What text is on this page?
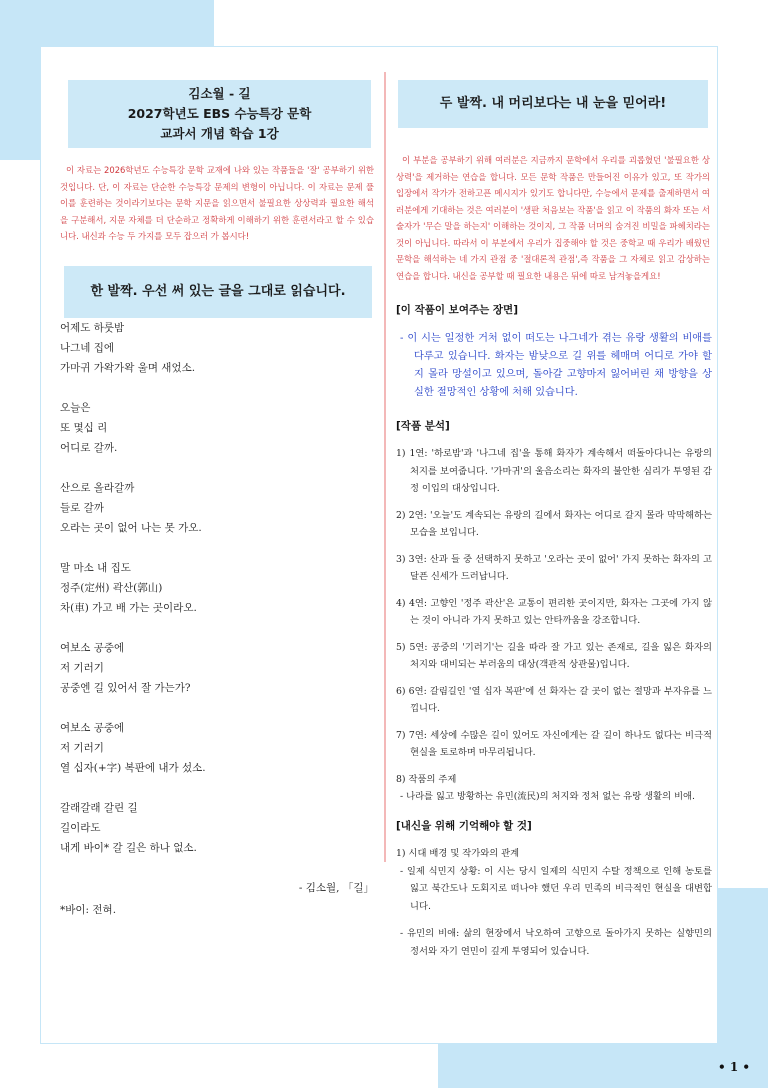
김소월 - 길
2027학년도 EBS 수능특강 문학
교과서 개념 학습 1강
이 자료는 2026학년도 수능특강 문학 교재에 나와 있는 작품들을 '잘' 공부하기 위한 것입니다. 단, 이 자료는 단순한 수능특강 문제의 변형이 아닙니다. 이 자료는 문제 풀이를 훈련하는 것이라기보다는 문학 지문을 읽으면서 불필요한 상상력과 필요한 해석을 구분해서, 지문 자체를 더 단순하고 정확하게 이해하기 위한 훈련서라고 할 수 있습니다. 내신과 수능 두 가지를 모두 잡으러 가 봅시다!
한 발짝. 우선 써 있는 글을 그대로 읽습니다.
어제도 하룻밤
나그네 집에
가마귀 가왁가왁 울며 새었소.
오늘은
또 몇십 리
어디로 갈까.
산으로 올라갈까
들로 갈까
오라는 곳이 없어 나는 못 가오.
말 마소 내 집도
정주(定州) 곽산(郭山)
차(車) 가고 배 가는 곳이라오.
여보소 공중에
저 기러기
공중엔 길 있어서 잘 가는가?
여보소 공중에
저 기러기
열 십자(+字) 복판에 내가 섰소.
갈래갈래 갈린 길
길이라도
내게 바이* 갈 길은 하나 없소.
- 김소월, 「길」
*바이: 전혀.
두 발짝. 내 머리보다는 내 눈을 믿어라!
이 부분을 공부하기 위해 여러분은 지금까지 문학에서 우리를 괴롭혔던 '불필요한 상상력'을 제거하는 연습을 합니다. 모든 문학 작품은 만들어진 이유가 있고, 또 작가의 입장에서 작가가 전하고픈 메시지가 있기도 합니다만, 수능에서 문제를 출제하면서 여러분에게 기대하는 것은 여러분이 '생판 처음보는 작품'을 읽고 이 작품의 화자 또는 서술자가 '무슨 말을 하는지' 이해하는 것이지, 그 작품 너머의 숨겨진 비밀을 파헤치라는 것이 아닙니다. 따라서 이 부분에서 우리가 집중해야 할 것은 중학교 때 우리가 배웠던 문학을 해석하는 네 가지 관점 중 '절대론적 관점',즉 작품을 그 자체로 읽고 감상하는 연습을 합니다. 내신을 공부할 때 필요한 내용은 뒤에 따로 남겨놓을게요!
[이 작품이 보여주는 장면]
- 이 시는 일정한 거처 없이 떠도는 나그네가 겪는 유랑 생활의 비애를 다루고 있습니다. 화자는 밤낮으로 길 위를 헤매며 어디로 가야 할지 몰라 망설이고 있으며, 돌아갈 고향마저 잃어버린 채 방향을 상실한 절망적인 상황에 처해 있습니다.
[작품 분석]
1) 1연: '하로밤'과 '나그네 집'을 통해 화자가 계속해서 떠돌아다니는 유랑의 처지를 보여줍니다. '가마귀'의 울음소리는 화자의 불안한 심리가 투영된 감정 이입의 대상입니다.
2) 2연: '오늘'도 계속되는 유랑의 길에서 화자는 어디로 갈지 몰라 막막해하는 모습을 보입니다.
3) 3연: 산과 들 중 선택하지 못하고 '오라는 곳이 없어' 가지 못하는 화자의 고달픈 신세가 드러납니다.
4) 4연: 고향인 '정주 곽산'은 교통이 편리한 곳이지만, 화자는 그곳에 가지 않는 것이 아니라 가지 못하고 있는 안타까움을 강조합니다.
5) 5연: 공중의 '기러기'는 길을 따라 잘 가고 있는 존재로, 길을 잃은 화자의 처지와 대비되는 부러움의 대상(객관적 상관물)입니다.
6) 6연: 갈림길인 '열 십자 복판'에 선 화자는 갈 곳이 없는 절망과 부자유를 느낍니다.
7) 7연: 세상에 수많은 길이 있어도 자신에게는 갈 길이 하나도 없다는 비극적 현실을 토로하며 마무리됩니다.
8) 작품의 주제
- 나라를 잃고 방황하는 유민(流民)의 처지와 정처 없는 유랑 생활의 비애.
[내신을 위해 기억해야 할 것]
1) 시대 배경 및 작가와의 관계
- 일제 식민지 상황: 이 시는 당시 일제의 식민지 수탈 정책으로 인해 농토를 잃고 북간도나 도회지로 떠나야 했던 우리 민족의 비극적인 현실을 대변합니다.
- 유민의 비애: 삶의 현장에서 낙오하여 고향으로 돌아가지 못하는 실향민의 정서와 자기 연민이 깊게 투영되어 있습니다.
• 1 •
